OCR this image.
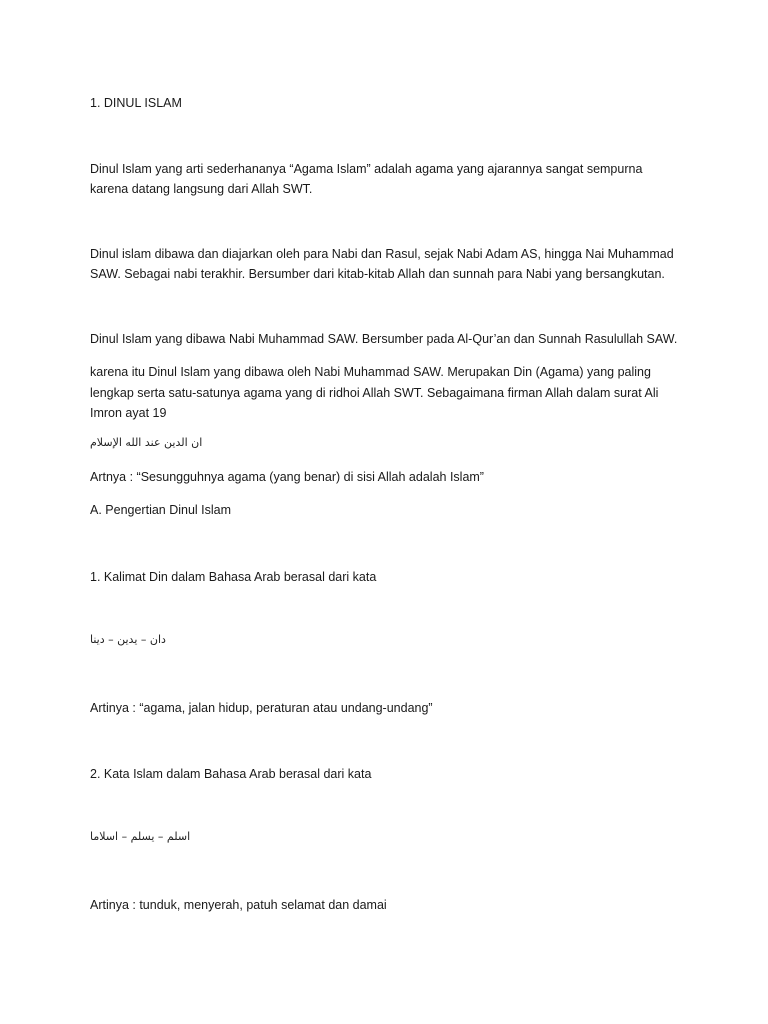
1. DINUL ISLAM
Dinul Islam yang arti sederhananya “Agama Islam” adalah agama yang ajarannya sangat sempurna
karena datang langsung dari Allah SWT.
Dinul islam dibawa dan diajarkan oleh para Nabi dan Rasul, sejak Nabi Adam AS, hingga Nai Muhammad
SAW. Sebagai nabi terakhir. Bersumber dari kitab-kitab Allah dan sunnah para Nabi yang bersangkutan.
Dinul Islam yang dibawa Nabi Muhammad SAW. Bersumber pada Al-Qur’an dan Sunnah Rasulullah SAW.
karena itu Dinul Islam yang dibawa oleh Nabi Muhammad SAW. Merupakan Din (Agama) yang paling
lengkap serta satu-satunya agama yang di ridhoi Allah SWT. Sebagaimana firman Allah dalam surat Ali
Imron ayat 19
ان الدين عند الله الإسلام
Artnya : “Sesungguhnya agama (yang benar) di sisi Allah adalah Islam”
A. Pengertian Dinul Islam
1. Kalimat Din dalam Bahasa Arab berasal dari kata
دان – يدين – دينا
Artinya : “agama, jalan hidup, peraturan atau undang-undang”
2. Kata Islam dalam Bahasa Arab berasal dari kata
اسلم – يسلم – اسلاما
Artinya : tunduk, menyerah, patuh selamat dan damai
